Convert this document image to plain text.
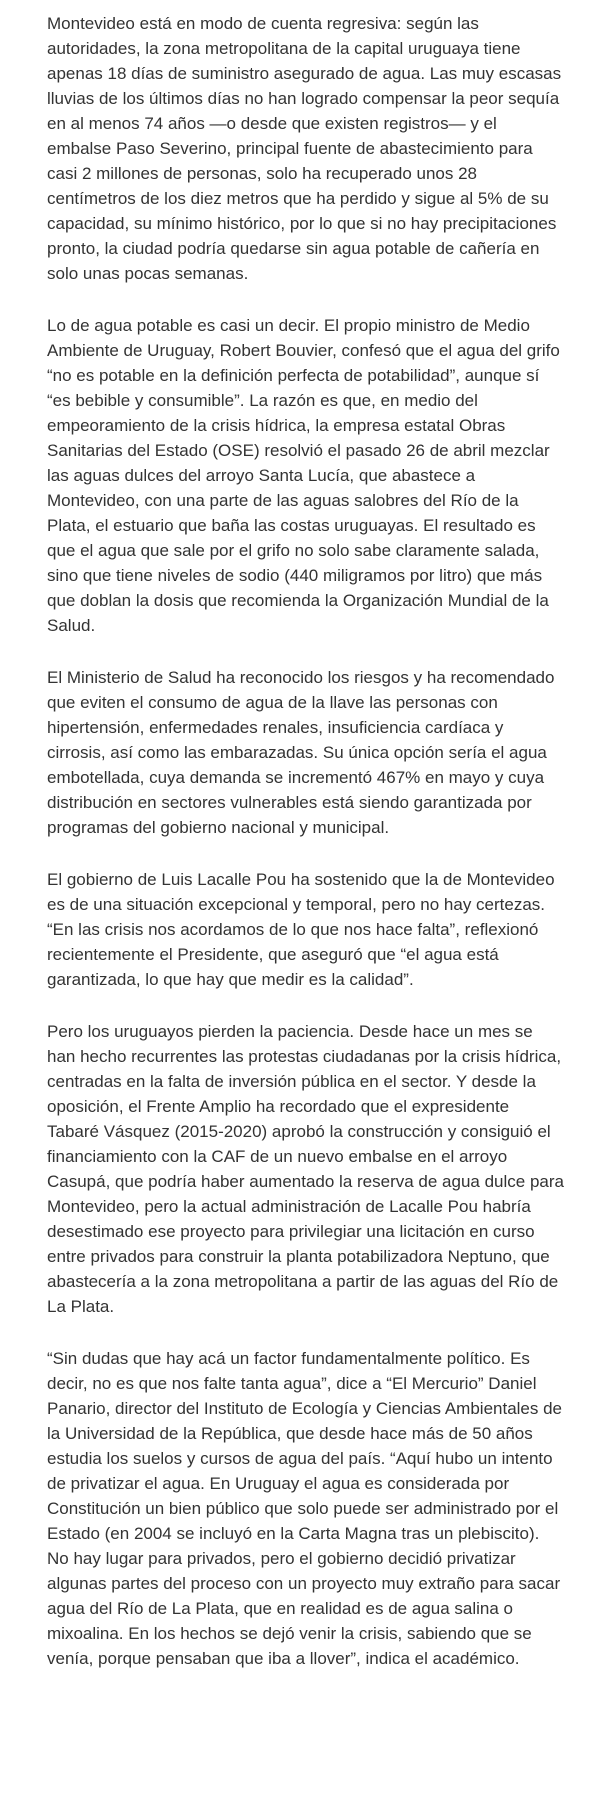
Montevideo está en modo de cuenta regresiva: según las autoridades, la zona metropolitana de la capital uruguaya tiene apenas 18 días de suministro asegurado de agua. Las muy escasas lluvias de los últimos días no han logrado compensar la peor sequía en al menos 74 años —o desde que existen registros— y el embalse Paso Severino, principal fuente de abastecimiento para casi 2 millones de personas, solo ha recuperado unos 28 centímetros de los diez metros que ha perdido y sigue al 5% de su capacidad, su mínimo histórico, por lo que si no hay precipitaciones pronto, la ciudad podría quedarse sin agua potable de cañería en solo unas pocas semanas.

Lo de agua potable es casi un decir. El propio ministro de Medio Ambiente de Uruguay, Robert Bouvier, confesó que el agua del grifo “no es potable en la definición perfecta de potabilidad”, aunque sí “es bebible y consumible”. La razón es que, en medio del empeoramiento de la crisis hídrica, la empresa estatal Obras Sanitarias del Estado (OSE) resolvió el pasado 26 de abril mezclar las aguas dulces del arroyo Santa Lucía, que abastece a Montevideo, con una parte de las aguas salobres del Río de la Plata, el estuario que baña las costas uruguayas. El resultado es que el agua que sale por el grifo no solo sabe claramente salada, sino que tiene niveles de sodio (440 miligramos por litro) que más que doblan la dosis que recomienda la Organización Mundial de la Salud.

El Ministerio de Salud ha reconocido los riesgos y ha recomendado que eviten el consumo de agua de la llave las personas con hipertensión, enfermedades renales, insuficiencia cardíaca y cirrosis, así como las embarazadas. Su única opción sería el agua embotellada, cuya demanda se incrementó 467% en mayo y cuya distribución en sectores vulnerables está siendo garantizada por programas del gobierno nacional y municipal.

El gobierno de Luis Lacalle Pou ha sostenido que la de Montevideo es de una situación excepcional y temporal, pero no hay certezas. “En las crisis nos acordamos de lo que nos hace falta”, reflexionó recientemente el Presidente, que aseguró que “el agua está garantizada, lo que hay que medir es la calidad”.

Pero los uruguayos pierden la paciencia. Desde hace un mes se han hecho recurrentes las protestas ciudadanas por la crisis hídrica, centradas en la falta de inversión pública en el sector. Y desde la oposición, el Frente Amplio ha recordado que el expresidente Tabaré Vásquez (2015-2020) aprobó la construcción y consiguió el financiamiento con la CAF de un nuevo embalse en el arroyo Casupá, que podría haber aumentado la reserva de agua dulce para Montevideo, pero la actual administración de Lacalle Pou habría desestimado ese proyecto para privilegiar una licitación en curso entre privados para construir la planta potabilizadora Neptuno, que abastecería a la zona metropolitana a partir de las aguas del Río de La Plata.

“Sin dudas que hay acá un factor fundamentalmente político. Es decir, no es que nos falte tanta agua”, dice a “El Mercurio” Daniel Panario, director del Instituto de Ecología y Ciencias Ambientales de la Universidad de la República, que desde hace más de 50 años estudia los suelos y cursos de agua del país. “Aquí hubo un intento de privatizar el agua. En Uruguay el agua es considerada por Constitución un bien público que solo puede ser administrado por el Estado (en 2004 se incluyó en la Carta Magna tras un plebiscito). No hay lugar para privados, pero el gobierno decidió privatizar algunas partes del proceso con un proyecto muy extraño para sacar agua del Río de La Plata, que en realidad es de agua salina o mixoalina. En los hechos se dejó venir la crisis, sabiendo que se venía, porque pensaban que iba a llover”, indica el académico.
